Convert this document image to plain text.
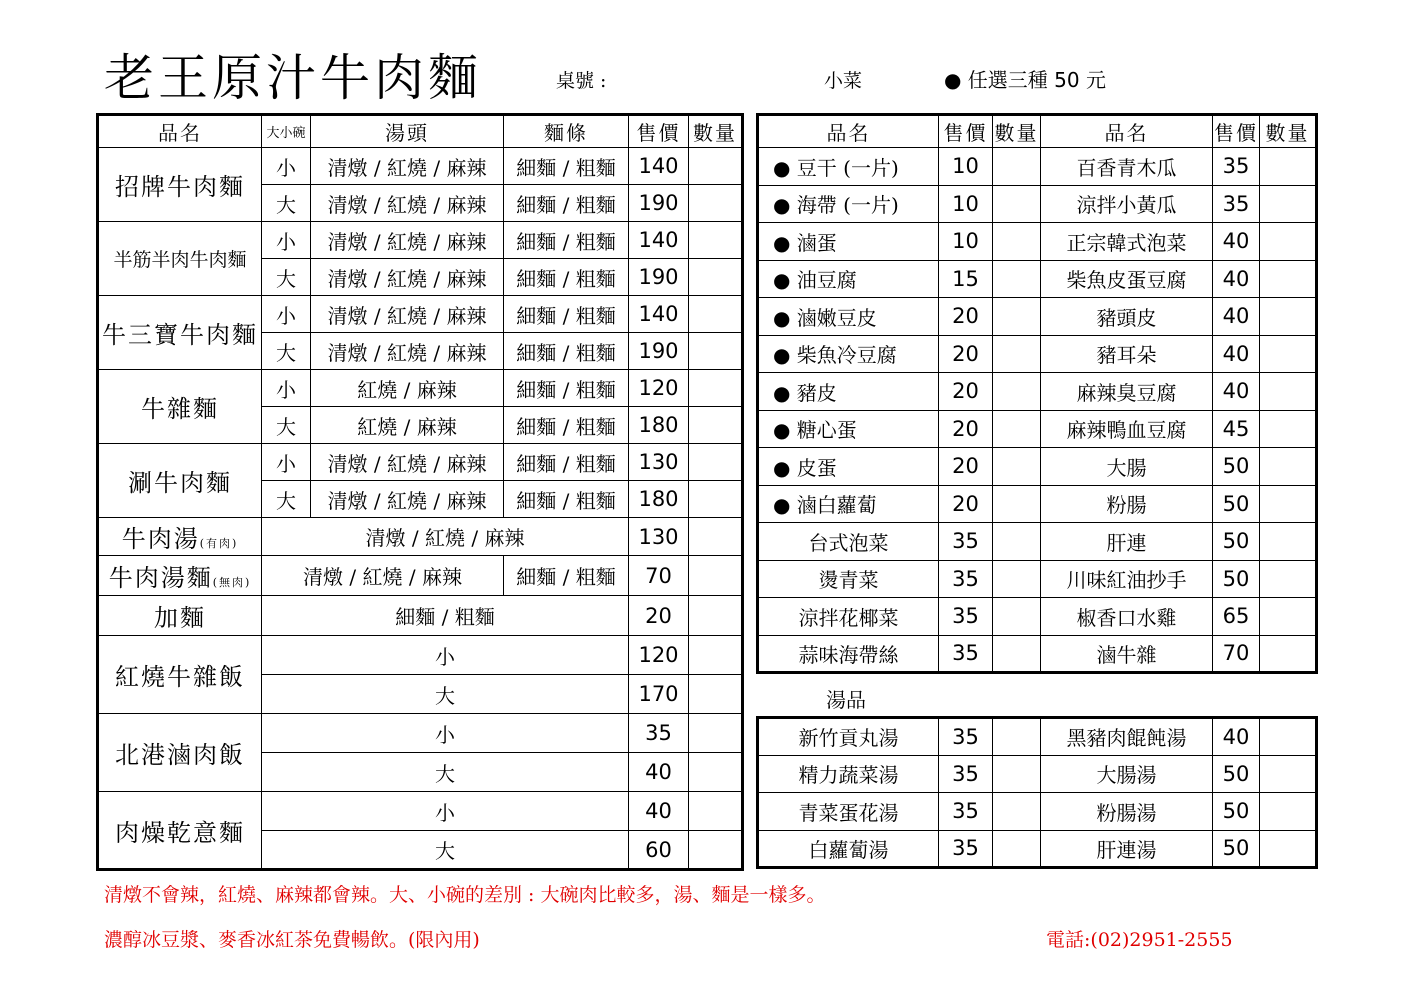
老王原汁牛肉麵	桌號 :	小菜	● 任選三種 50 元
品名	大小碗	湯頭	麵條	售價	數量
招牌牛肉麵	小	清燉 / 紅燒 / 麻辣	細麵 / 粗麵	140	
	大	清燉 / 紅燒 / 麻辣	細麵 / 粗麵	190	
半筋半肉牛肉麵	小	清燉 / 紅燒 / 麻辣	細麵 / 粗麵	140	
	大	清燉 / 紅燒 / 麻辣	細麵 / 粗麵	190	
牛三寶牛肉麵	小	清燉 / 紅燒 / 麻辣	細麵 / 粗麵	140	
	大	清燉 / 紅燒 / 麻辣	細麵 / 粗麵	190	
牛雜麵	小	紅燒 / 麻辣	細麵 / 粗麵	120	
	大	紅燒 / 麻辣	細麵 / 粗麵	180	
涮牛肉麵	小	清燉 / 紅燒 / 麻辣	細麵 / 粗麵	130	
	大	清燉 / 紅燒 / 麻辣	細麵 / 粗麵	180	
牛肉湯(有肉)	清燉 / 紅燒 / 麻辣			130	
牛肉湯麵(無肉)	清燉 / 紅燒 / 麻辣		細麵 / 粗麵	70	
加麵	細麵 / 粗麵			20	
紅燒牛雜飯	小			120	
	大			170	
北港滷肉飯	小			35	
	大			40	
肉燥乾意麵	小			40	
	大			60	
品名	售價	數量	品名	售價	數量
● 豆干 (一片)	10		百香青木瓜	35	
● 海帶 (一片)	10		涼拌小黃瓜	35	
● 滷蛋	10		正宗韓式泡菜	40	
● 油豆腐	15		柴魚皮蛋豆腐	40	
● 滷嫩豆皮	20		豬頭皮	40	
● 柴魚冷豆腐	20		豬耳朵	40	
● 豬皮	20		麻辣臭豆腐	40	
● 糖心蛋	20		麻辣鴨血豆腐	45	
● 皮蛋	20		大腸	50	
● 滷白蘿蔔	20		粉腸	50	
台式泡菜	35		肝連	50	
燙青菜	35		川味紅油抄手	50	
涼拌花椰菜	35		椒香口水雞	65	
蒜味海帶絲	35		滷牛雜	70	
湯品
新竹貢丸湯	35		黑豬肉餛飩湯	40	
精力蔬菜湯	35		大腸湯	50	
青菜蛋花湯	35		粉腸湯	50	
白蘿蔔湯	35		肝連湯	50	
清燉不會辣，紅燒、麻辣都會辣。大、小碗的差別 : 大碗肉比較多，湯、麵是一樣多。
濃醇冰豆漿、麥香冰紅茶免費暢飲。(限內用)	電話:(02)2951-2555
